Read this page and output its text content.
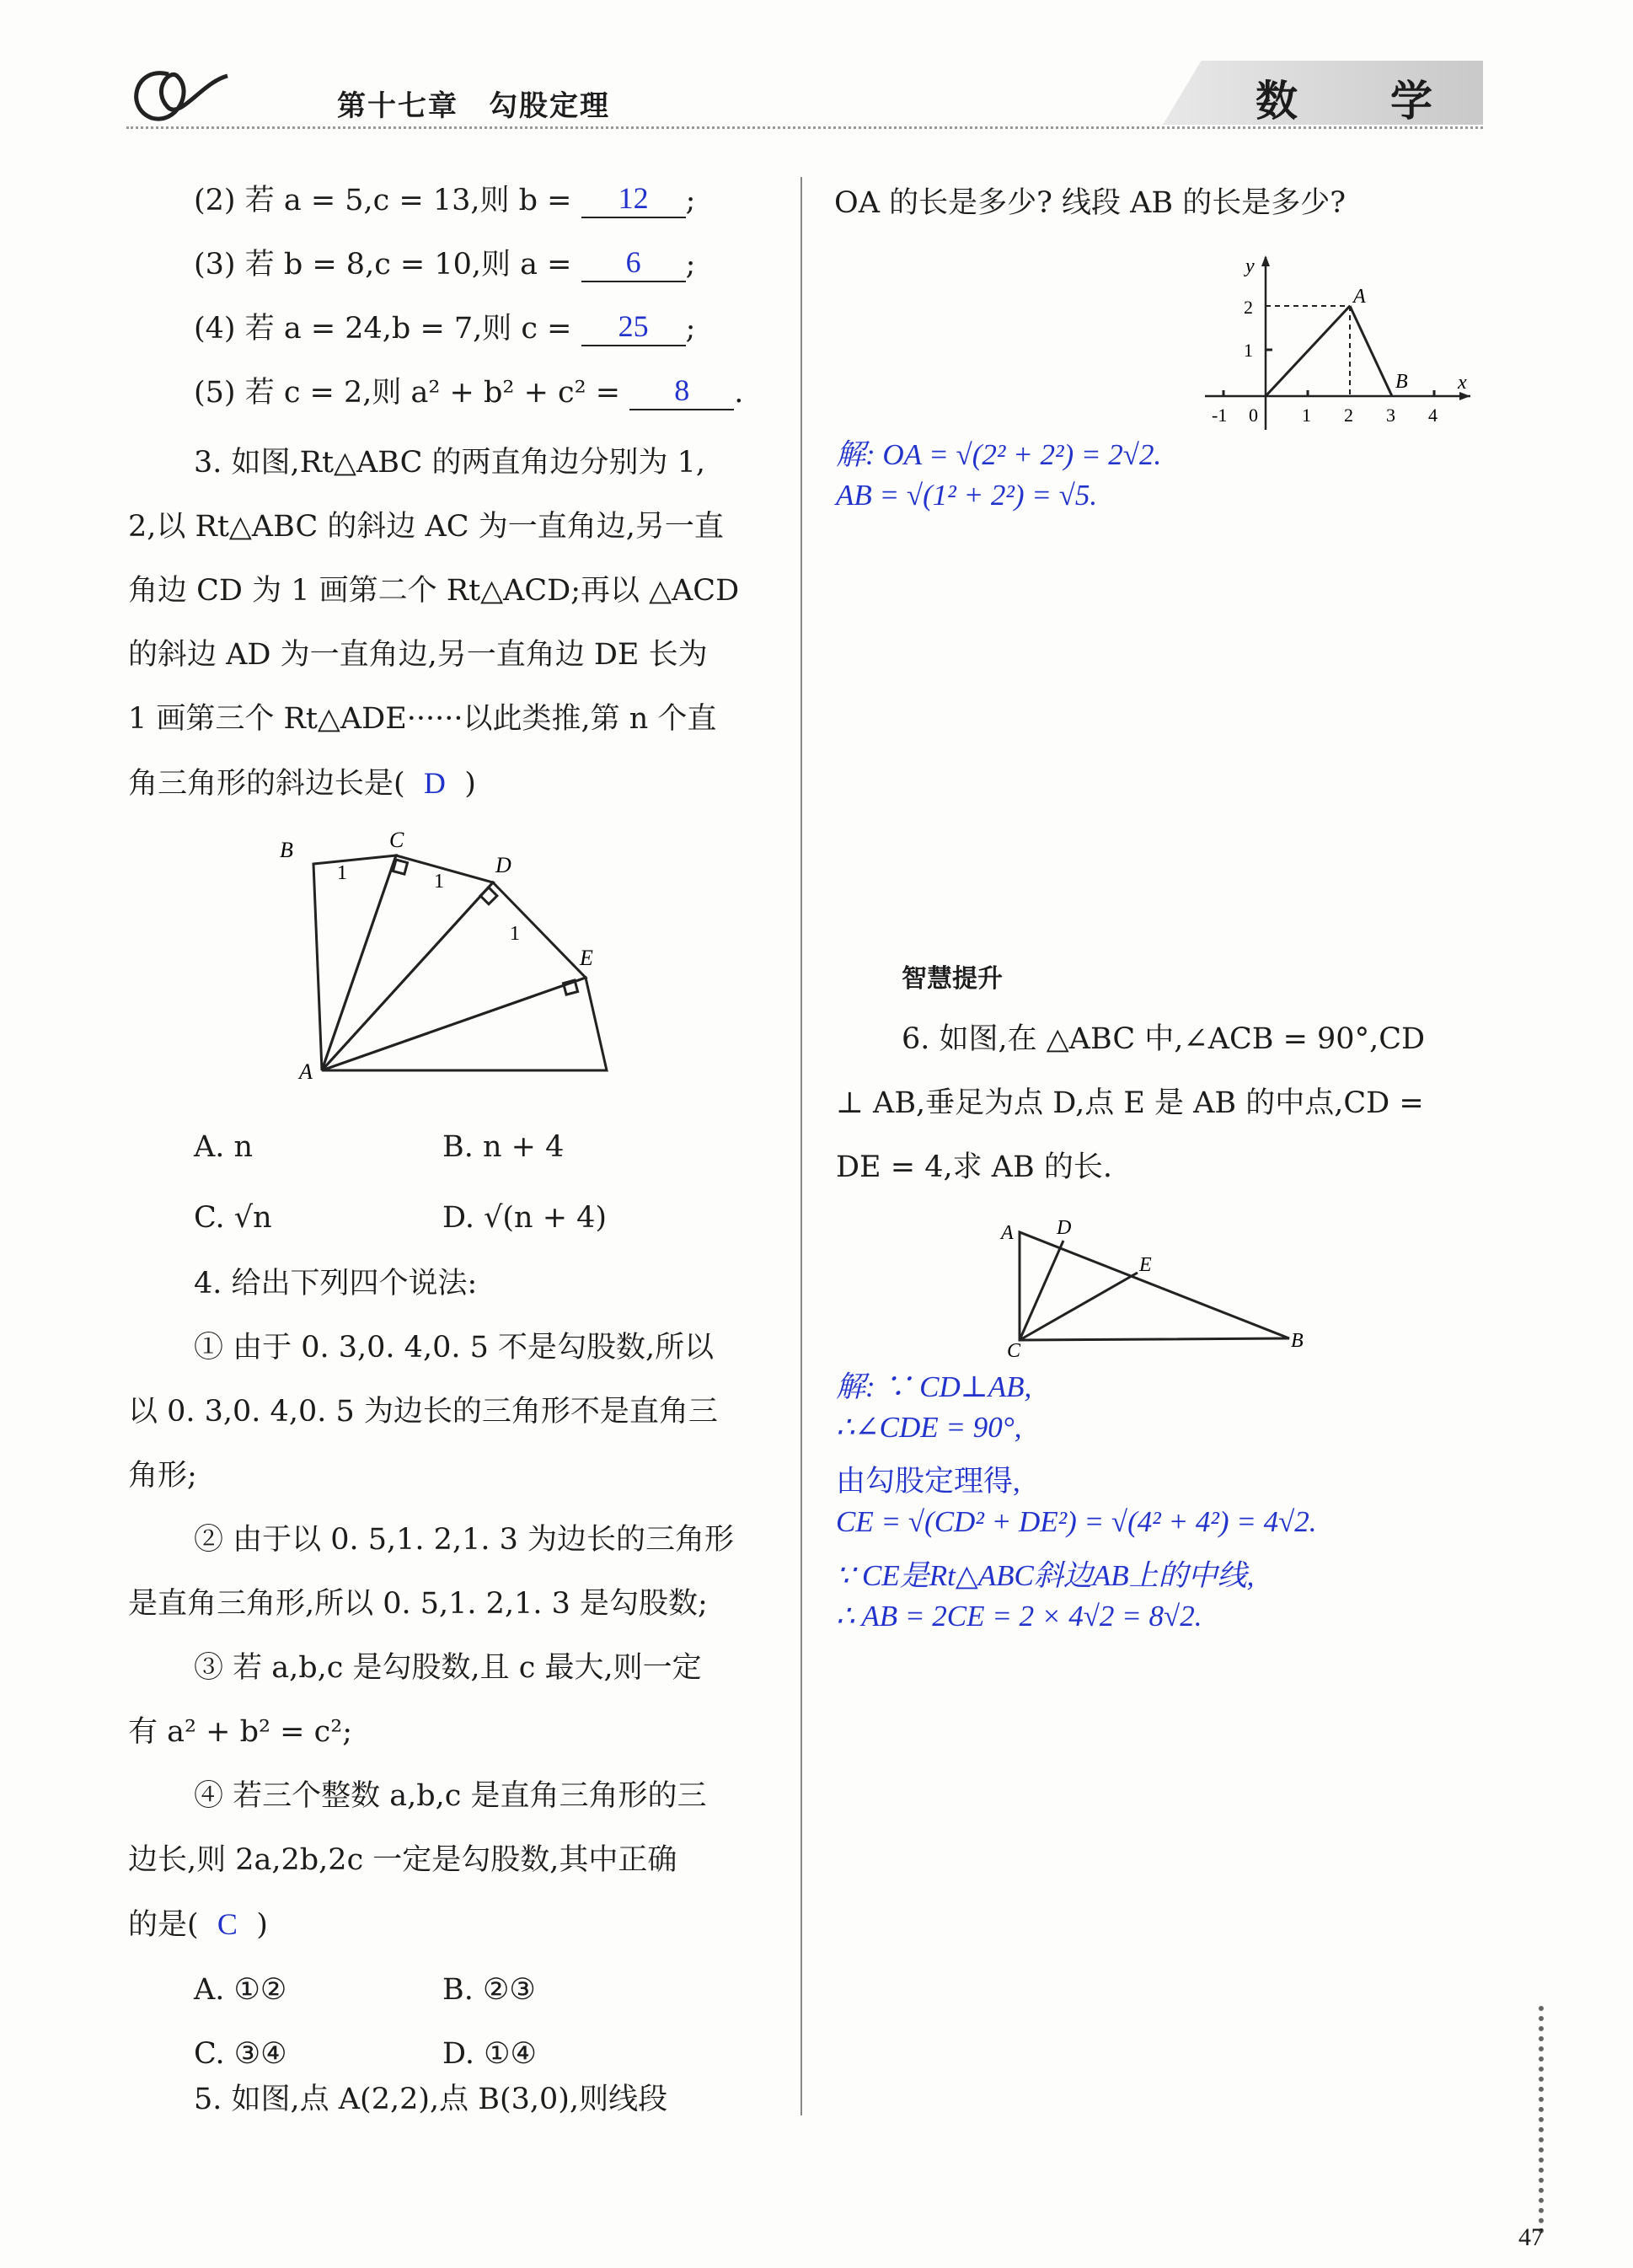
第十七章　勾股定理	数　学
(2) 若 a = 5,c = 13,则 b = 12 ;
(3) 若 b = 8,c = 10,则 a = 6 ;
(4) 若 a = 24,b = 7,则 c = 25 ;
(5) 若 c = 2,则 a² + b² + c² = 8 .
3. 如图,Rt△ABC 的两直角边分别为 1,
2,以 Rt△ABC 的斜边 AC 为一直角边,另一直
角边 CD 为 1 画第二个 Rt△ACD;再以 △ACD
的斜边 AD 为一直角边,另一直角边 DE 长为
1 画第三个 Rt△ADE······以此类推,第 n 个直
角三角形的斜边长是( D )
B	C
D
E
A
1	1
1
A. n	B. n + 4
C. √n	D. √(n + 4)
4. 给出下列四个说法:
① 由于 0. 3,0. 4,0. 5 不是勾股数,所以
以 0. 3,0. 4,0. 5 为边长的三角形不是直角三
角形;
② 由于以 0. 5,1. 2,1. 3 为边长的三角形
是直角三角形,所以 0. 5,1. 2,1. 3 是勾股数;
③ 若 a,b,c 是勾股数,且 c 最大,则一定
有 a² + b² = c²;
④ 若三个整数 a,b,c 是直角三角形的三
边长,则 2a,2b,2c 一定是勾股数,其中正确
的是( C )
A. ①②	B. ②③
C. ③④	D. ①④
5. 如图,点 A(2,2),点 B(3,0),则线段
OA 的长是多少? 线段 AB 的长是多少?
y
x
2
1
-1 0 1 2 3 4
A
B
解: OA = √(2² + 2²) = 2√2.
AB = √(1² + 2²) = √5.
智慧提升
6. 如图,在 △ABC 中,∠ACB = 90°,CD
⊥ AB,垂足为点 D,点 E 是 AB 的中点,CD =
DE = 4,求 AB 的长.
A D
E
C	B
解: ∵ CD⊥AB,
∴∠CDE = 90°,
由勾股定理得,
CE = √(CD² + DE²) = √(4² + 4²) = 4√2.
∵ CE是Rt△ABC斜边AB上的中线,
∴ AB = 2CE = 2 × 4√2 = 8√2.
47
